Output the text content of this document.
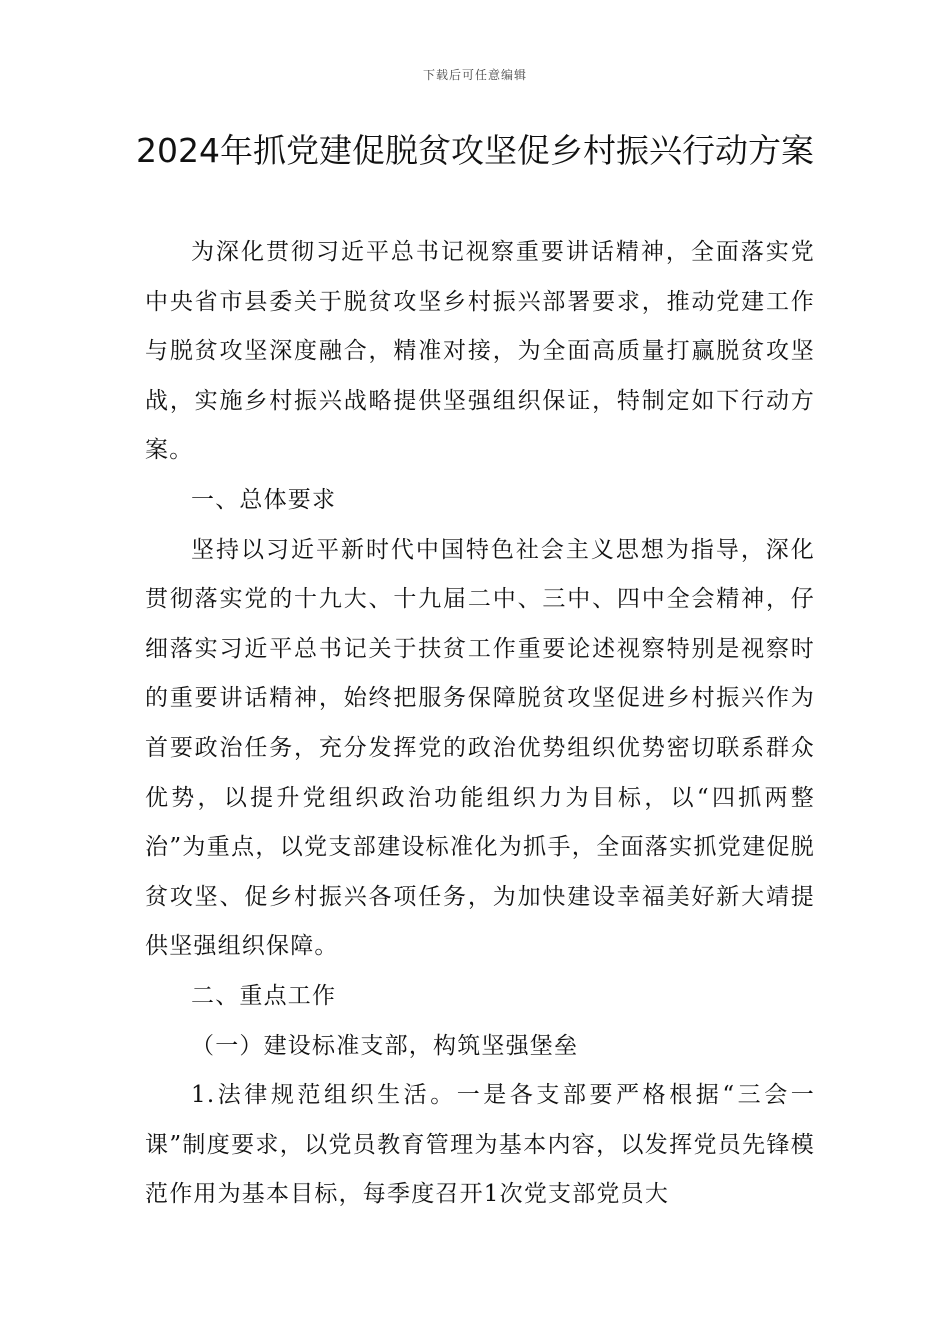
下载后可任意编辑
2024年抓党建促脱贫攻坚促乡村振兴行动方案

为深化贯彻习近平总书记视察重要讲话精神，全面落实党中央省市县委关于脱贫攻坚乡村振兴部署要求，推动党建工作与脱贫攻坚深度融合，精准对接，为全面高质量打赢脱贫攻坚战，实施乡村振兴战略提供坚强组织保证，特制定如下行动方案。

一、总体要求

坚持以习近平新时代中国特色社会主义思想为指导，深化贯彻落实党的十九大、十九届二中、三中、四中全会精神，仔细落实习近平总书记关于扶贫工作重要论述视察特别是视察时的重要讲话精神，始终把服务保障脱贫攻坚促进乡村振兴作为首要政治任务，充分发挥党的政治优势组织优势密切联系群众优势，以提升党组织政治功能组织力为目标，以“四抓两整治”为重点，以党支部建设标准化为抓手，全面落实抓党建促脱贫攻坚、促乡村振兴各项任务，为加快建设幸福美好新大靖提供坚强组织保障。

二、重点工作

（一）建设标准支部，构筑坚强堡垒

1.法律规范组织生活。一是各支部要严格根据“三会一课”制度要求，以党员教育管理为基本内容，以发挥党员先锋模范作用为基本目标，每季度召开1次党支部党员大
